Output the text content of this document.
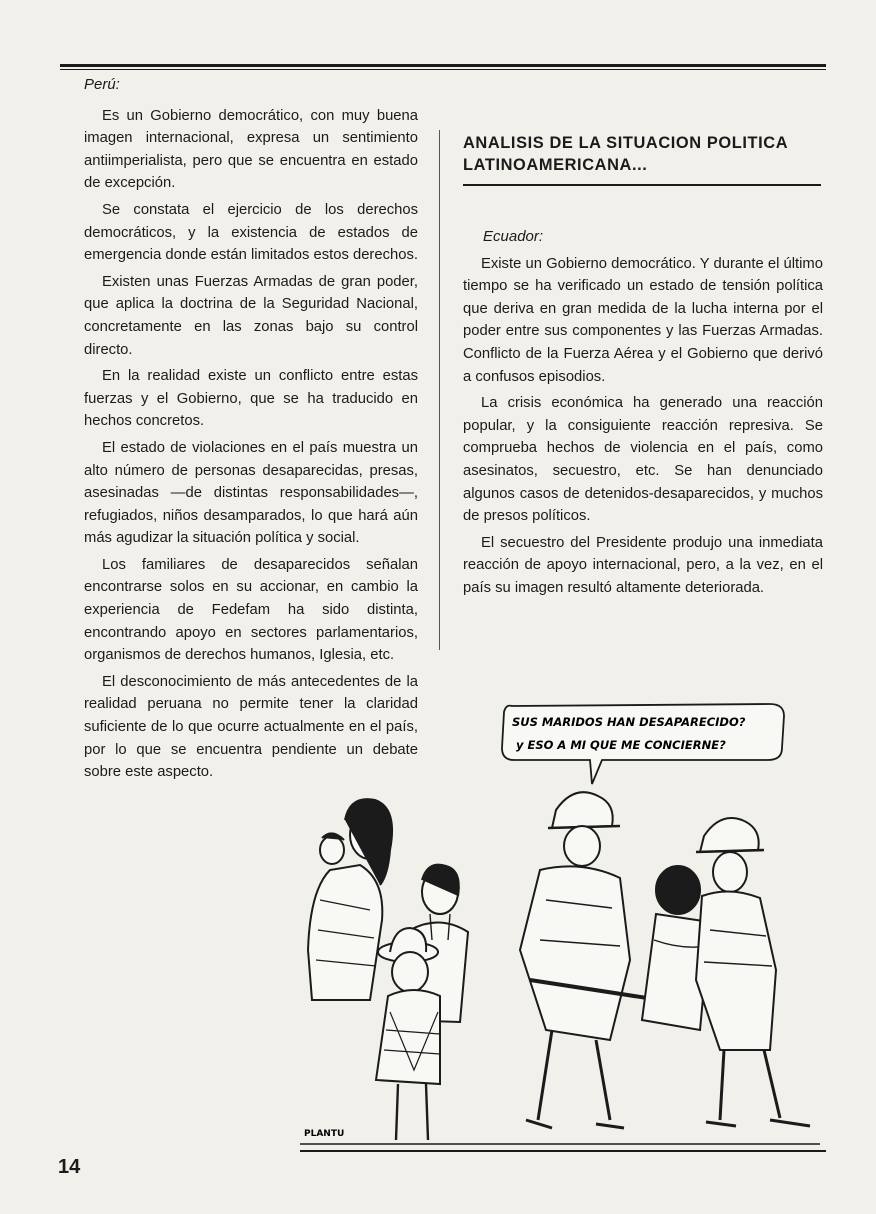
Perú:

Es un Gobierno democrático, con muy buena imagen internacional, expresa un sentimiento antiimperialista, pero que se encuentra en estado de excepción.

Se constata el ejercicio de los derechos democráticos, y la existencia de estados de emergencia donde están limitados estos derechos.

Existen unas Fuerzas Armadas de gran poder, que aplica la doctrina de la Seguridad Nacional, concretamente en las zonas bajo su control directo.

En la realidad existe un conflicto entre estas fuerzas y el Gobierno, que se ha traducido en hechos concretos.

El estado de violaciones en el país muestra un alto número de personas desaparecidas, presas, asesinadas —de distintas responsabilidades—, refugiados, niños desamparados, lo que hará aún más agudizar la situación política y social.

Los familiares de desaparecidos señalan encontrarse solos en su accionar, en cambio la experiencia de Fedefam ha sido distinta, encontrando apoyo en sectores parlamentarios, organismos de derechos humanos, Iglesia, etc.

El desconocimiento de más antecedentes de la realidad peruana no permite tener la claridad suficiente de lo que ocurre actualmente en el país, por lo que se encuentra pendiente un debate sobre este aspecto.

ANALISIS DE LA SITUACION POLITICA LATINOAMERICANA...

Ecuador:

Existe un Gobierno democrático. Y durante el último tiempo se ha verificado un estado de tensión política que deriva en gran medida de la lucha interna por el poder entre sus componentes y las Fuerzas Armadas. Conflicto de la Fuerza Aérea y el Gobierno que derivó a confusos episodios.

La crisis económica ha generado una reacción popular, y la consiguiente reacción represiva. Se comprueba hechos de violencia en el país, como asesinatos, secuestro, etc. Se han denunciado algunos casos de detenidos-desaparecidos, y muchos de presos políticos.

El secuestro del Presidente produjo una inmediata reacción de apoyo internacional, pero, a la vez, en el país su imagen resultó altamente deteriorada.

SUS MARIDOS HAN DESAPARECIDO?
y ESO A MI QUE ME CONCIERNE?
PLANTU
14
